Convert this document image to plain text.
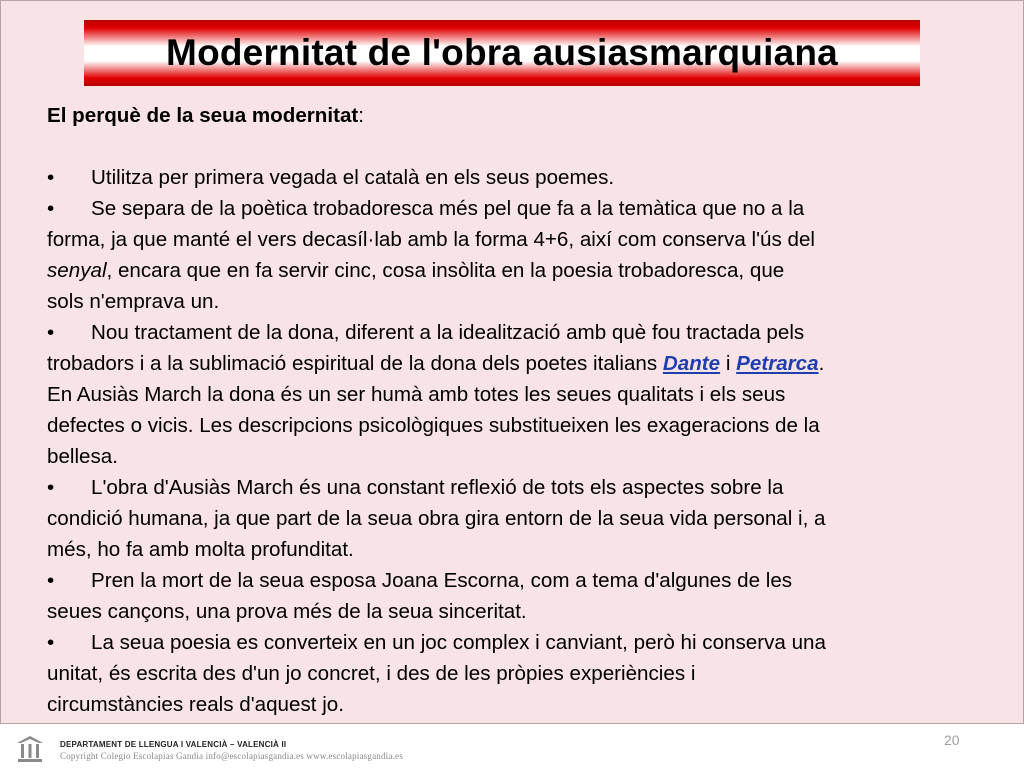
Modernitat de l'obra ausiasmarquiana

El perquè de la seua modernitat:

• Utilitza per primera vegada el català en els seus poemes.

• Se separa de la poètica trobadoresca més pel que fa a la temàtica que no a la

forma, ja que manté el vers decasíl·lab amb la forma 4+6, així com conserva l'ús del

senyal, encara que en fa servir cinc, cosa insòlita en la poesia trobadoresca, que

sols n'emprava un.

• Nou tractament de la dona, diferent a la idealització amb què fou tractada pels

trobadors i a la sublimació espiritual de la dona dels poetes italians Dante i Petrarca.

En Ausiàs March la dona és un ser humà amb totes les seues qualitats i els seus

defectes o vicis. Les descripcions psicològiques substitueixen les exageracions de la

bellesa.

• L'obra d'Ausiàs March és una constant reflexió de tots els aspectes sobre la

condició humana, ja que part de la seua obra gira entorn de la seua vida personal i, a

més, ho fa amb molta profunditat.

• Pren la mort de la seua esposa Joana Escorna, com a tema d'algunes de les

seues cançons, una prova més de la seua sinceritat.

• La seua poesia es converteix en un joc complex i canviant, però hi conserva una

unitat, és escrita des d'un jo concret, i des de les pròpies experiències i

circumstàncies reals d'aquest jo.

DEPARTAMENT DE LLENGUA I VALENCIÀ – VALENCIÀ II
Copyright Colegio Escolapias Gandia info@escolapiasgandia.es www.escolapiasgandia.es
20
